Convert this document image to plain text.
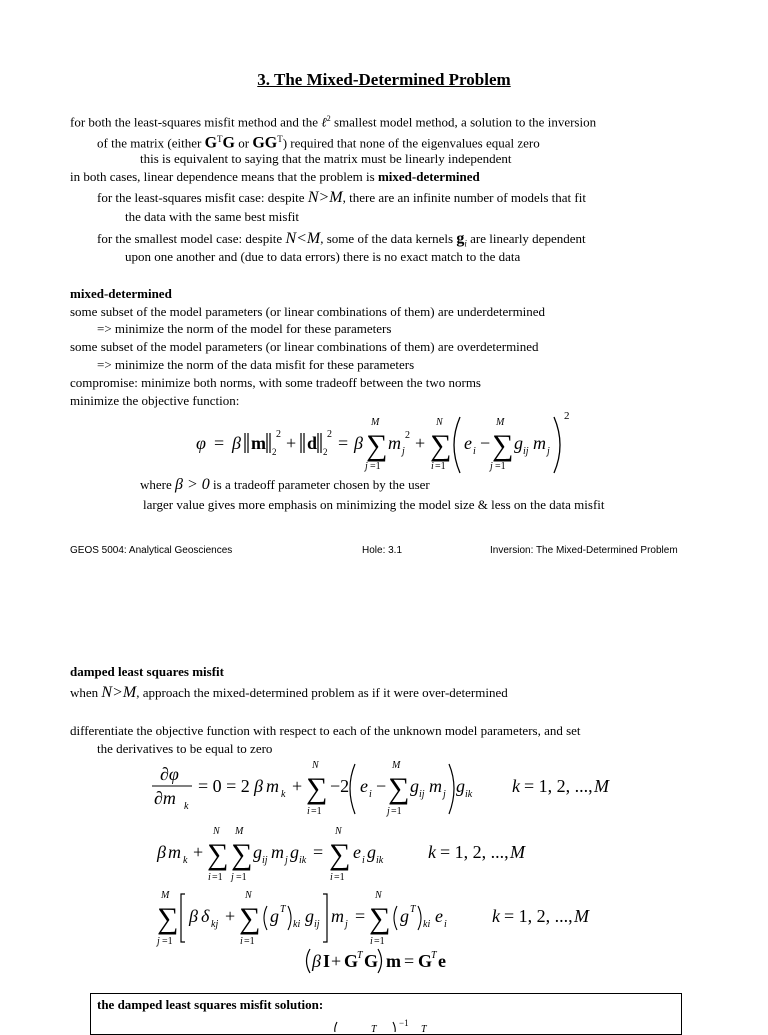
3. The Mixed-Determined Problem
for both the least-squares misfit method and the ℓ$^2$ smallest model method, a solution to the inversion
of the matrix (either $G^TG$ or $GG^T$) required that none of the eigenvalues equal zero
this is equivalent to saying that the matrix must be linearly independent
in both cases, linear dependence means that the problem is mixed-determined
for the least-squares misfit case: despite N>M, there are an infinite number of models that fit
the data with the same best misfit
for the smallest model case: despite N<M, some of the data kernels $g_i$ are linearly dependent
upon one another and (due to data errors) there is no exact match to the data
mixed-determined
some subset of the model parameters (or linear combinations of them) are underdetermined
=> minimize the norm of the model for these parameters
some subset of the model parameters (or linear combinations of them) are overdetermined
=> minimize the norm of the data misfit for these parameters
compromise: minimize both norms, with some tradeoff between the two norms
minimize the objective function:
φ = β m 2
2 + d 2
2 = β ∑
M
j =1
m j
2 + ∑
N
i =1
e i − ∑
M
j =1
g ij m j
2
where β > 0 is a tradeoff parameter chosen by the user
larger value gives more emphasis on minimizing the model size & less on the data misfit
GEOS 5004: Analytical Geosciences	Hole: 3.1	Inversion: The Mixed-Determined Problem
damped least squares misfit
when N>M, approach the mixed-determined problem as if it were over-determined
differentiate the objective function with respect to each of the unknown model parameters, and set
the derivatives to be equal to zero
∂φ
∂m k
= 0 = 2 β m k + ∑
N
i =1
−2 e i − ∑
M
j =1
g ij m j g ik k = 1, 2, ..., M
β m k + ∑
N
i =1
∑
M
j =1
g ij m j g ik = ∑
N
i =1
e i g ik k = 1, 2, ..., M
∑
M
j =1
β δ kj + ∑
N
i =1
g T
ki g ij m j = ∑
N
i =1
g T
ki e i	k = 1, 2, ..., M
β I + G
T G m = G
T e
the damped least squares misfit solution:
T
−1
T
